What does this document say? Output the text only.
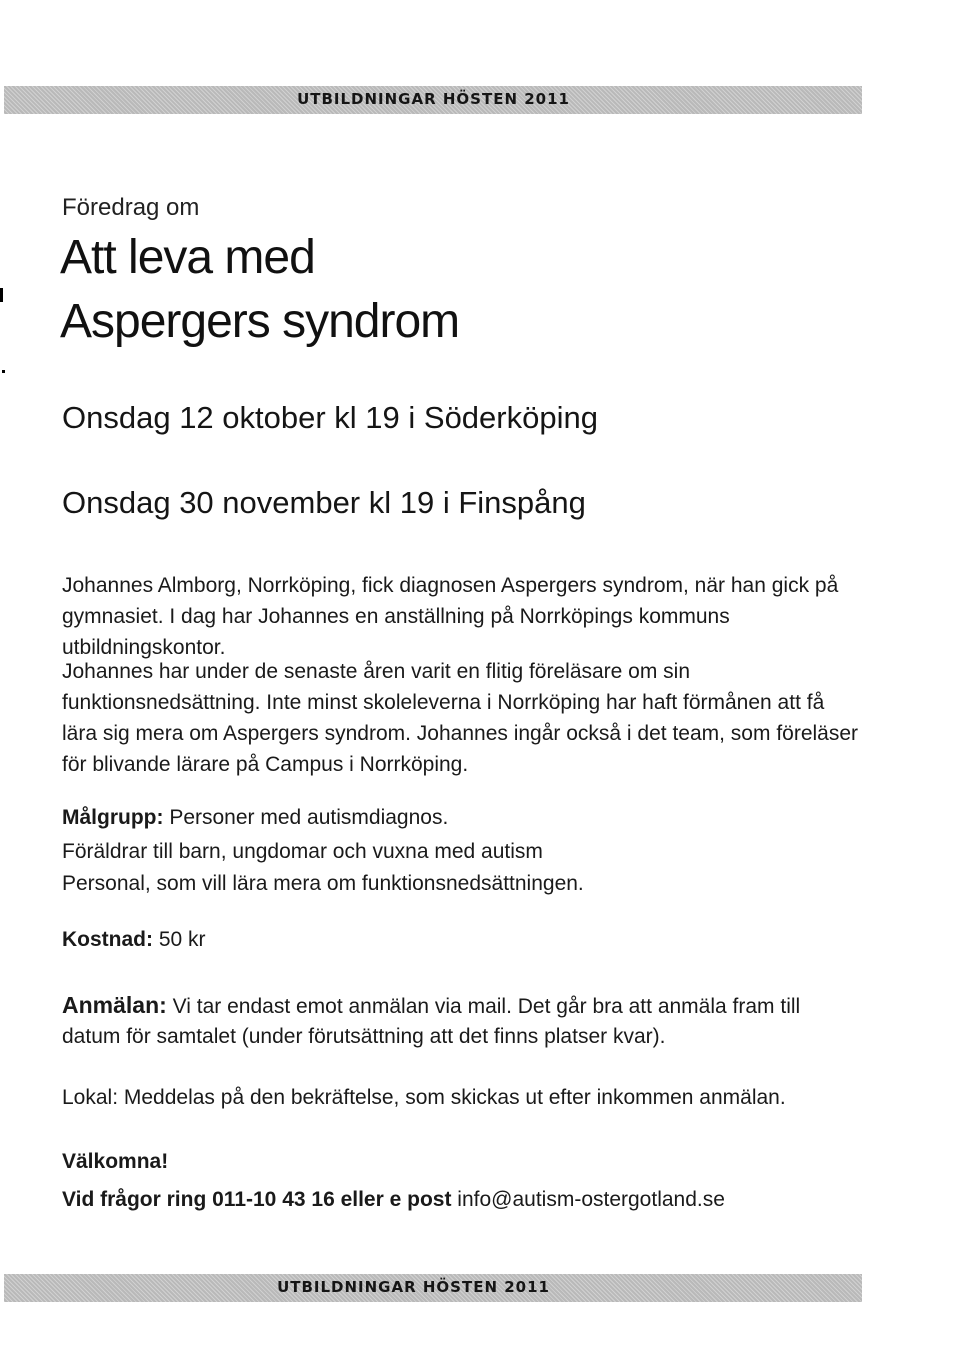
UTBILDNINGAR HÖSTEN 2011
Föredrag om
Att leva med
Aspergers syndrom
Onsdag 12 oktober kl 19 i Söderköping
Onsdag 30 november kl 19 i Finspång
Johannes Almborg, Norrköping, fick diagnosen Aspergers syndrom, när han gick på gymnasiet. I dag har Johannes en anställning på Norrköpings kommuns utbildningskontor.
Johannes har under de senaste åren varit en flitig föreläsare om sin funktionsnedsättning. Inte minst skoleleverna i Norrköping har haft förmånen att få lära sig mera om Aspergers syndrom. Johannes ingår också i det team, som föreläser för blivande lärare på Campus i Norrköping.
Målgrupp: Personer med autismdiagnos.
Föräldrar till barn, ungdomar och vuxna med autism
Personal, som vill lära mera om funktionsnedsättningen.
Kostnad: 50 kr
Anmälan: Vi tar endast emot anmälan via mail. Det går bra att anmäla fram till
datum för samtalet (under förutsättning att det finns platser kvar).
Lokal: Meddelas på den bekräftelse, som skickas ut efter inkommen anmälan.
Välkomna!
Vid frågor ring 011-10 43 16 eller e post info@autism-ostergotland.se
UTBILDNINGAR HÖSTEN 2011
